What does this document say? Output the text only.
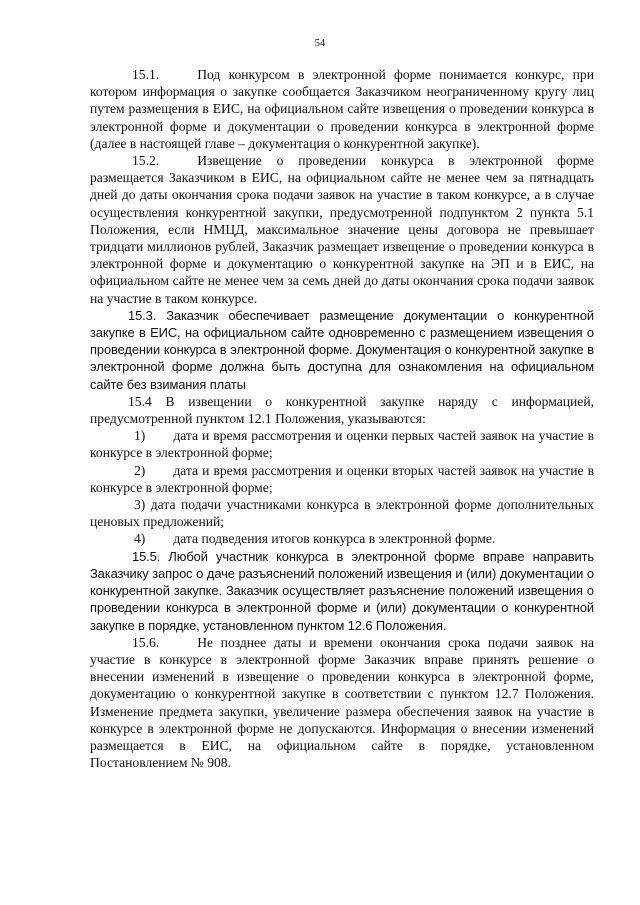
54

15.1.	Под конкурсом в электронной форме понимается конкурс, при котором информация о закупке сообщается Заказчиком неограниченному кругу лиц путем размещения в ЕИС, на официальном сайте извещения о проведении конкурса в электронной форме и документации о проведении конкурса в электронной форме (далее в настоящей главе – документация о конкурентной закупке).

15.2.	Извещение о проведении конкурса в электронной форме размещается Заказчиком в ЕИС, на официальном сайте не менее чем за пятнадцать дней до даты окончания срока подачи заявок на участие в таком конкурсе, а в случае осуществления конкурентной закупки, предусмотренной подпунктом 2 пункта 5.1 Положения, если НМЦД, максимальное значение цены договора не превышает тридцати миллионов рублей, Заказчик размещает извещение о проведении конкурса в электронной форме и документацию о конкурентной закупке на ЭП и в ЕИС, на официальном сайте не менее чем за семь дней до даты окончания срока подачи заявок на участие в таком конкурсе.

15.3. Заказчик обеспечивает размещение документации о конкурентной закупке в ЕИС, на официальном сайте одновременно с размещением извещения о проведении конкурса в электронной форме. Документация о конкурентной закупке в электронной форме должна быть доступна для ознакомления на официальном сайте без взимания платы

15.4 В извещении о конкурентной закупке наряду с информацией, предусмотренной пунктом 12.1 Положения, указываются:

1) дата и время рассмотрения и оценки первых частей заявок на участие в конкурсе в электронной форме;

2) дата и время рассмотрения и оценки вторых частей заявок на участие в конкурсе в электронной форме;

3) дата подачи участниками конкурса в электронной форме дополнительных ценовых предложений;

4) дата подведения итогов конкурса в электронной форме.

15.5. Любой участник конкурса в электронной форме вправе направить Заказчику запрос о даче разъяснений положений извещения и (или) документации о конкурентной закупке. Заказчик осуществляет разъяснение положений извещения о проведении конкурса в электронной форме и (или) документации о конкурентной закупке в порядке, установленном пунктом 12.6 Положения.

15.6.	Не позднее даты и времени окончания срока подачи заявок на участие в конкурсе в электронной форме Заказчик вправе принять решение о внесении изменений в извещение о проведении конкурса в электронной форме, документацию о конкурентной закупке в соответствии с пунктом 12.7 Положения. Изменение предмета закупки, увеличение размера обеспечения заявок на участие в конкурсе в электронной форме не допускаются. Информация о внесении изменений размещается в ЕИС, на официальном сайте в порядке, установленном Постановлением № 908.
